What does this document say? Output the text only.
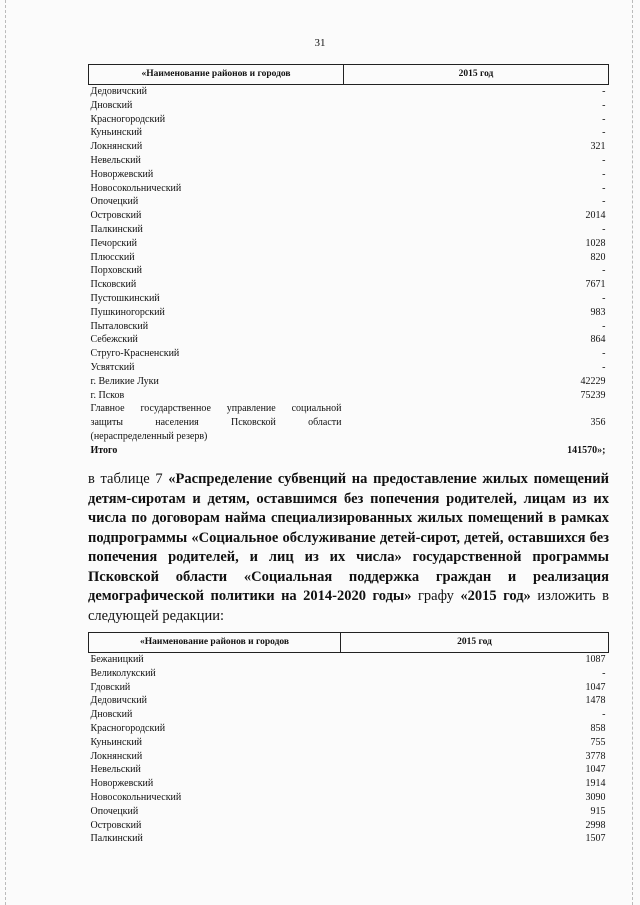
31
«Наименование районов и городов	2015 год
Дедовичский	-
Дновский	-
Красногородский	-
Куньинский	-
Локнянский	321
Невельский	-
Новоржевский	-
Новосокольнический	-
Опочецкий	-
Островский	2014
Палкинский	-
Печорский	1028
Плюсский	820
Порховский	-
Псковский	7671
Пустошкинский	-
Пушкиногорский	983
Пыталовский	-
Себежский	864
Струго-Красненский	-
Усвятский	-
г. Великие Луки	42229
г. Псков	75239
Главное государственное управление социальной	
защиты населения Псковской области	356
(нераспределенный резерв)	
Итого	141570»;
в таблице 7 «Распределение субвенций на предоставление жилых помещений детям-сиротам и детям, оставшимся без попечения родителей, лицам из их числа по договорам найма специализированных жилых помещений в рамках подпрограммы «Социальное обслуживание детей-сирот, детей, оставшихся без попечения родителей, и лиц из их числа» государственной программы Псковской области «Социальная поддержка граждан и реализация демографической политики на 2014-2020 годы» графу «2015 год» изложить в следующей редакции:
«Наименование районов и городов	2015 год
Бежаницкий	1087
Великолукский	-
Гдовский	1047
Дедовичский	1478
Дновский	-
Красногородский	858
Куньинский	755
Локнянский	3778
Невельский	1047
Новоржевский	1914
Новосокольнический	3090
Опочецкий	915
Островский	2998
Палкинский	1507
